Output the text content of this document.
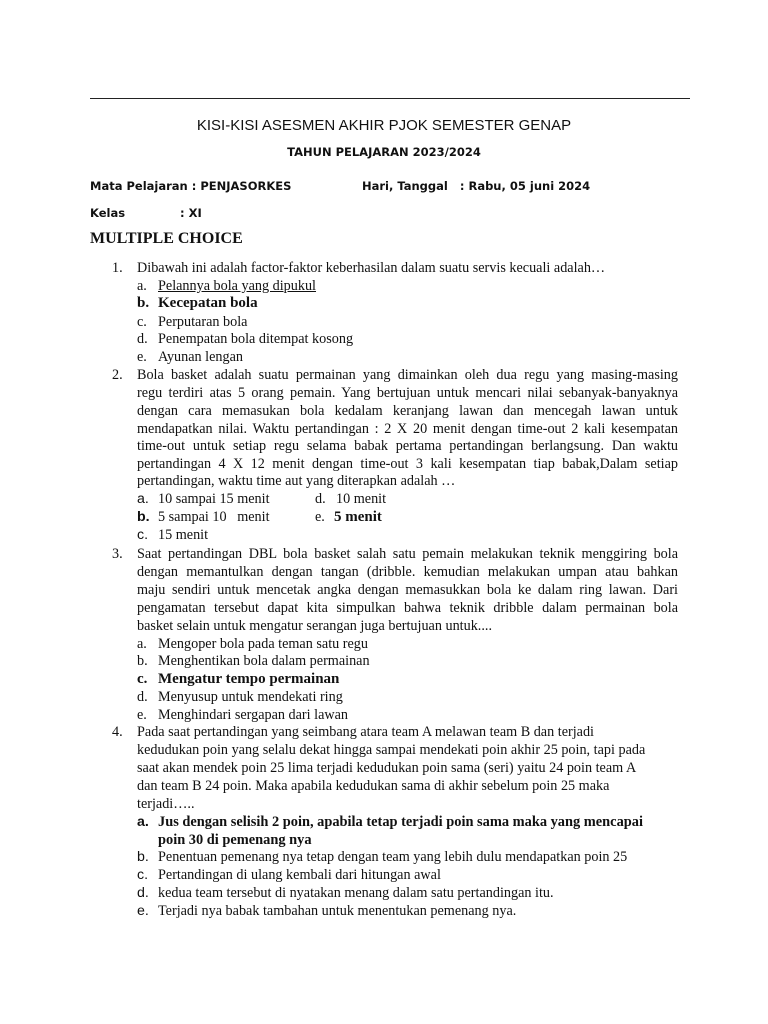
KISI-KISI ASESMEN AKHIR PJOK SEMESTER GENAP
TAHUN PELAJARAN 2023/2024
Mata Pelajaran : PENJASORKES	Hari, Tanggal   : Rabu, 05 juni 2024
Kelas	: XI
MULTIPLE CHOICE
1.	Dibawah ini adalah factor-faktor keberhasilan dalam suatu servis kecuali adalah…
a. Pelannya bola yang dipukul
b. Kecepatan bola
c. Perputaran bola
d. Penempatan bola ditempat kosong
e. Ayunan lengan
2.	Bola basket adalah suatu permainan yang dimainkan oleh dua regu yang masing-masing
regu terdiri atas 5 orang pemain. Yang bertujuan untuk mencari nilai sebanyak-banyaknya
dengan cara memasukan bola kedalam keranjang lawan dan mencegah lawan untuk
mendapatkan nilai. Waktu pertandingan : 2 X 20 menit dengan time-out 2 kali kesempatan
time-out untuk setiap regu selama babak pertama pertandingan berlangsung. Dan waktu
pertandingan 4 X 12 menit dengan time-out 3 kali kesempatan tiap babak,Dalam setiap
pertandingan, waktu time aut yang diterapkan adalah …
a. 10 sampai 15 menit	d. 10 menit
b. 5 sampai 10   menit	e. 5 menit
c. 15 menit
3.	Saat pertandingan DBL bola basket salah satu pemain melakukan teknik menggiring bola
dengan memantulkan dengan tangan (dribble. kemudian melakukan umpan atau bahkan
maju sendiri untuk mencetak angka dengan memasukkan bola ke dalam ring lawan. Dari
pengamatan tersebut dapat kita simpulkan bahwa teknik dribble dalam permainan bola
basket selain untuk mengatur serangan juga bertujuan untuk....
a. Mengoper bola pada teman satu regu
b. Menghentikan bola dalam permainan
c. Mengatur tempo permainan
d. Menyusup untuk mendekati ring
e. Menghindari sergapan dari lawan
4.	Pada saat pertandingan yang seimbang atara team A melawan team B dan terjadi
kedudukan poin yang selalu dekat hingga sampai mendekati poin akhir 25 poin, tapi pada
saat akan mendek poin 25 lima terjadi kedudukan poin sama (seri) yaitu 24 poin team A
dan team B 24 poin. Maka apabila kedudukan sama di akhir sebelum poin 25 maka
terjadi…..
a. Jus dengan selisih 2 poin, apabila tetap terjadi poin sama maka yang mencapai
poin 30 di pemenang nya
b. Penentuan pemenang nya tetap dengan team yang lebih dulu mendapatkan poin 25
c. Pertandingan di ulang kembali dari hitungan awal
d. kedua team tersebut di nyatakan menang dalam satu pertandingan itu.
e. Terjadi nya babak tambahan untuk menentukan pemenang nya.
